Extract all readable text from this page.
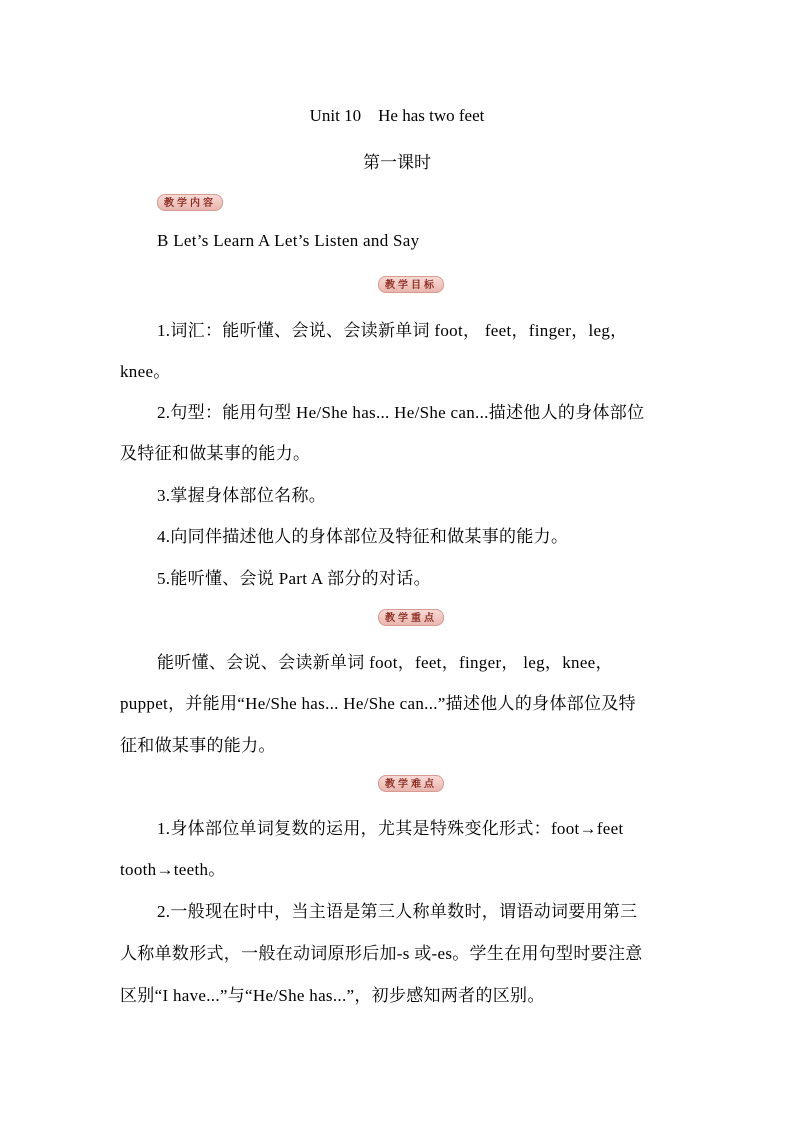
Unit 10    He has two feet
第一课时
教学内容
B Let’s Learn A Let’s Listen and Say
教学目标
1.词汇：能听懂、会说、会读新单词 foot， feet，finger，leg，
knee。
2.句型：能用句型 He/She has... He/She can...描述他人的身体部位
及特征和做某事的能力。
3.掌握身体部位名称。
4.向同伴描述他人的身体部位及特征和做某事的能力。
5.能听懂、会说 Part A 部分的对话。
教学重点
能听懂、会说、会读新单词 foot，feet，finger， leg，knee，
puppet，并能用“He/She has... He/She can...”描述他人的身体部位及特
征和做某事的能力。
教学难点
1.身体部位单词复数的运用，尤其是特殊变化形式：foot→feet
tooth→teeth。
2.一般现在时中，当主语是第三人称单数时，谓语动词要用第三
人称单数形式，一般在动词原形后加-s 或-es。学生在用句型时要注意
区别“I have...”与“He/She has...”，初步感知两者的区别。
